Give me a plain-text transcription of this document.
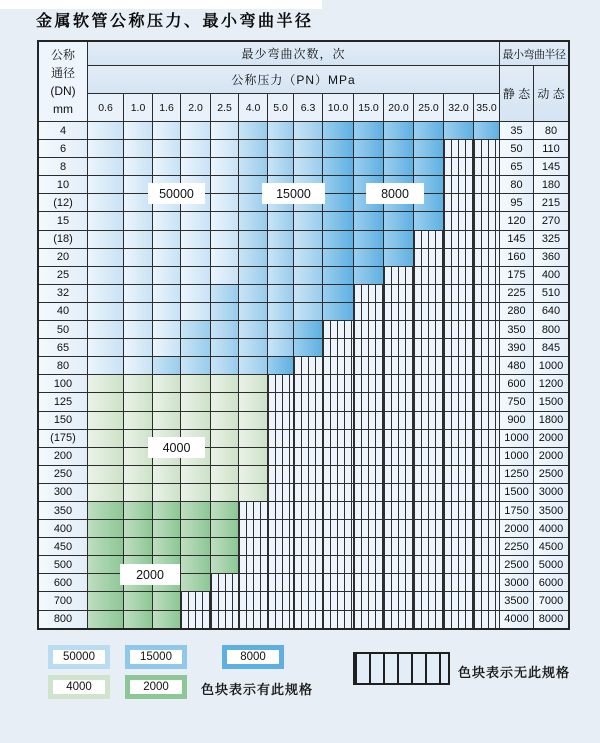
金属软管公称压力、最小弯曲半径
公称
通径
(DN)
mm
最少弯曲次数，次	最小弯曲半径
公称压力（PN）MPa
静 态 动 态
0.6	1.0	1.6	2.0	2.5	4.0	5.0	6.3	10.0 15.0 20.0 25.0 32.0 35.0
4	35	80
6	50	110
8	65	145
10	80	180
(12)	95	215
15	120	270
(18)	145	325
20	160	360
25	175	400
32	225	510
40	280	640
50	350	800
65	390	845
80	480	1000
100	600	1200
125	750	1500
150	900	1800
(175)	1000 2000
200	1000 2000
250	1250 2500
300	1500 3000
350	1750 3500
400	2000 4000
450	2250 4500
500	2500 5000
600	3000 6000
700	3500 7000
800	4000 8000
50000	15000	8000
4000
2000
色块表示有此规格
色块表示无此规格
50000	15000	8000
4000	2000
